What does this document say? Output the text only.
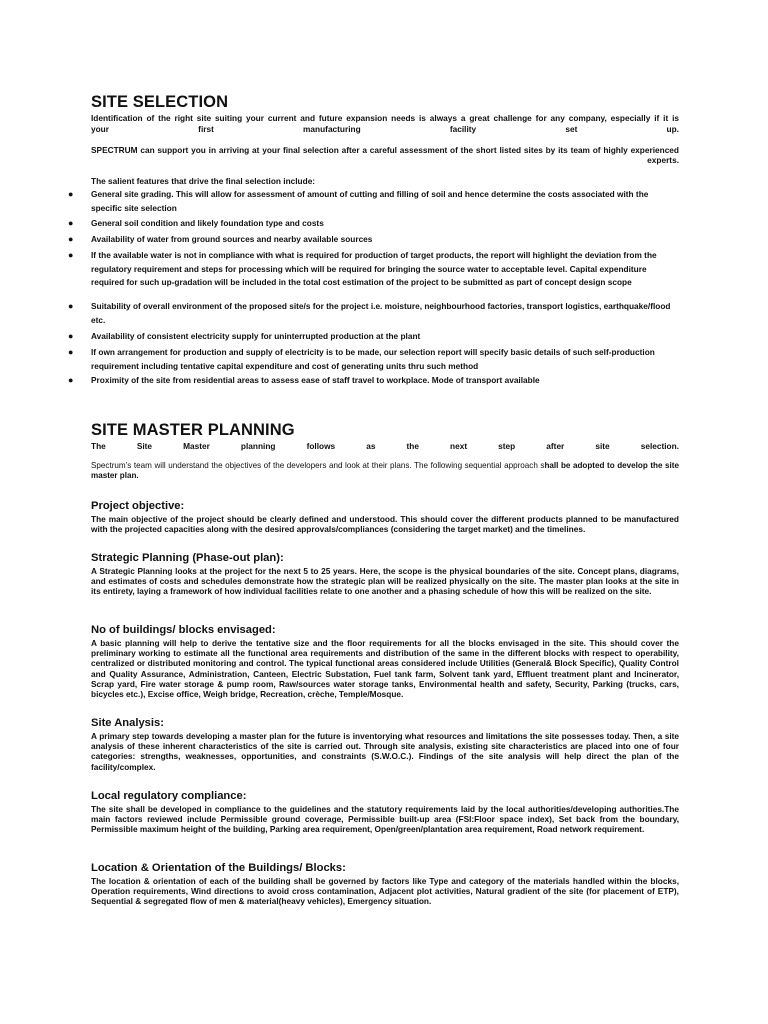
SITE SELECTION

Identification of the right site suiting your current and future expansion needs is always a great challenge for any company, especially if it is

your first manufacturing facility set up.

SPECTRUM can support you in arriving at your final selection after a careful assessment of the short listed sites by its team of highly experienced experts.

The salient features that drive the final selection include:

● General site grading. This will allow for assessment of amount of cutting and filling of soil and hence determine the costs associated with the specific site selection
● General soil condition and likely foundation type and costs
● Availability of water from ground sources and nearby available sources
● If the available water is not in compliance with what is required for production of target products, the report will highlight the deviation from the regulatory requirement and steps for processing which will be required for bringing the source water to acceptable level. Capital expenditure required for such up-gradation will be included in the total cost estimation of the project to be submitted as part of concept design scope
● Suitability of overall environment of the proposed site/s for the project i.e. moisture, neighbourhood factories, transport logistics, earthquake/flood etc.
● Availability of consistent electricity supply for uninterrupted production at the plant
● If own arrangement for production and supply of electricity is to be made, our selection report will specify basic details of such self-production requirement including tentative capital expenditure and cost of generating units thru such method
● Proximity of the site from residential areas to assess ease of staff travel to workplace. Mode of transport available
SITE MASTER PLANNING

The Site Master planning follows as the next step after site selection.

Spectrum’s team will understand the objectives of the developers and look at their plans. The following sequential approach shall be adopted to develop the site master plan.

Project objective:

The main objective of the project should be clearly defined and understood. This should cover the different products planned to be manufactured with the projected capacities along with the desired approvals/compliances (considering the target market) and the timelines.

Strategic Planning (Phase-out plan):

A Strategic Planning looks at the project for the next 5 to 25 years. Here, the scope is the physical boundaries of the site. Concept plans, diagrams, and estimates of costs and schedules demonstrate how the strategic plan will be realized physically on the site. The master plan looks at the site in its entirety, laying a framework of how individual facilities relate to one another and a phasing schedule of how this will be realized on the site.

No of buildings/ blocks envisaged:

A basic planning will help to derive the tentative size and the floor requirements for all the blocks envisaged in the site. This should cover the preliminary working to estimate all the functional area requirements and distribution of the same in the different blocks with respect to operability, centralized or distributed monitoring and control. The typical functional areas considered include Utilities (General& Block Specific), Quality Control and Quality Assurance, Administration, Canteen, Electric Substation, Fuel tank farm, Solvent tank yard, Effluent treatment plant and Incinerator, Scrap yard, Fire water storage & pump room, Raw/sources water storage tanks, Environmental health and safety, Security, Parking (trucks, cars, bicycles etc.), Excise office, Weigh bridge, Recreation, crèche, Temple/Mosque.

Site Analysis:

A primary step towards developing a master plan for the future is inventorying what resources and limitations the site possesses today. Then, a site analysis of these inherent characteristics of the site is carried out. Through site analysis, existing site characteristics are placed into one of four categories: strengths, weaknesses, opportunities, and constraints (S.W.O.C.). Findings of the site analysis will help direct the plan of the facility/complex.

Local regulatory compliance:

The site shall be developed in compliance to the guidelines and the statutory requirements laid by the local authorities/developing authorities.The main factors reviewed include Permissible ground coverage, Permissible built-up area (FSI:Floor space index), Set back from the boundary, Permissible maximum height of the building, Parking area requirement, Open/green/plantation area requirement, Road network requirement.

Location & Orientation of the Buildings/ Blocks:

The location & orientation of each of the building shall be governed by factors like Type and category of the materials handled within the blocks, Operation requirements, Wind directions to avoid cross contamination, Adjacent plot activities, Natural gradient of the site (for placement of ETP), Sequential & segregated flow of men & material(heavy vehicles), Emergency situation.
